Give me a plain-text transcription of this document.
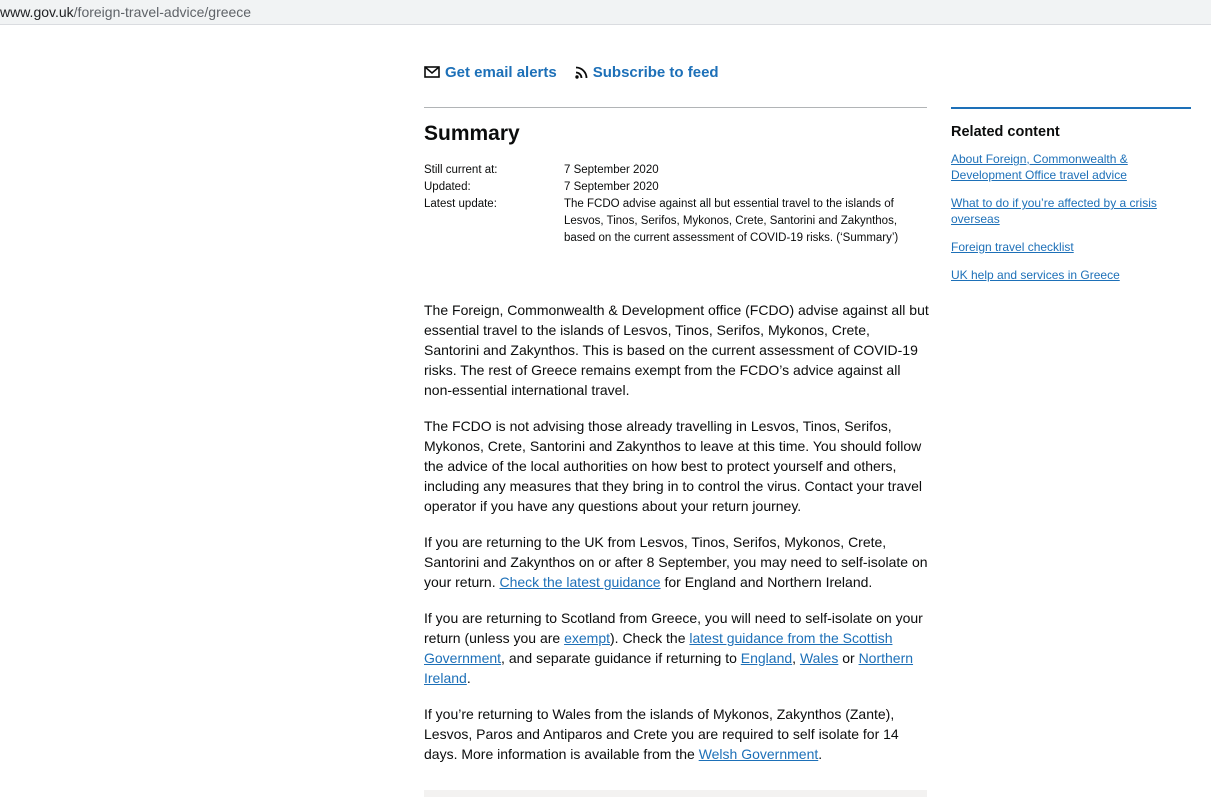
www.gov.uk/foreign-travel-advice/greece
Get email alerts Subscribe to feed
Summary
Still current at:	7 September 2020
Updated:	7 September 2020
Latest update:	The FCDO advise against all but essential travel to the islands of Lesvos, Tinos, Serifos, Mykonos, Crete, Santorini and Zakynthos, based on the current assessment of COVID-19 risks. (‘Summary’)

The Foreign, Commonwealth & Development office (FCDO) advise against all but essential travel to the islands of Lesvos, Tinos, Serifos, Mykonos, Crete, Santorini and Zakynthos. This is based on the current assessment of COVID-19 risks. The rest of Greece remains exempt from the FCDO’s advice against all non-essential international travel.

The FCDO is not advising those already travelling in Lesvos, Tinos, Serifos, Mykonos, Crete, Santorini and Zakynthos to leave at this time. You should follow the advice of the local authorities on how best to protect yourself and others, including any measures that they bring in to control the virus. Contact your travel operator if you have any questions about your return journey.

If you are returning to the UK from Lesvos, Tinos, Serifos, Mykonos, Crete, Santorini and Zakynthos on or after 8 September, you may need to self-isolate on your return. Check the latest guidance for England and Northern Ireland.

If you are returning to Scotland from Greece, you will need to self-isolate on your return (unless you are exempt). Check the latest guidance from the Scottish Government, and separate guidance if returning to England, Wales or Northern Ireland.

If you’re returning to Wales from the islands of Mykonos, Zakynthos (Zante), Lesvos, Paros and Antiparos and Crete you are required to self isolate for 14 days. More information is available from the Welsh Government.

Related content
About Foreign, Commonwealth & Development Office travel advice
What to do if you’re affected by a crisis overseas
Foreign travel checklist
UK help and services in Greece
